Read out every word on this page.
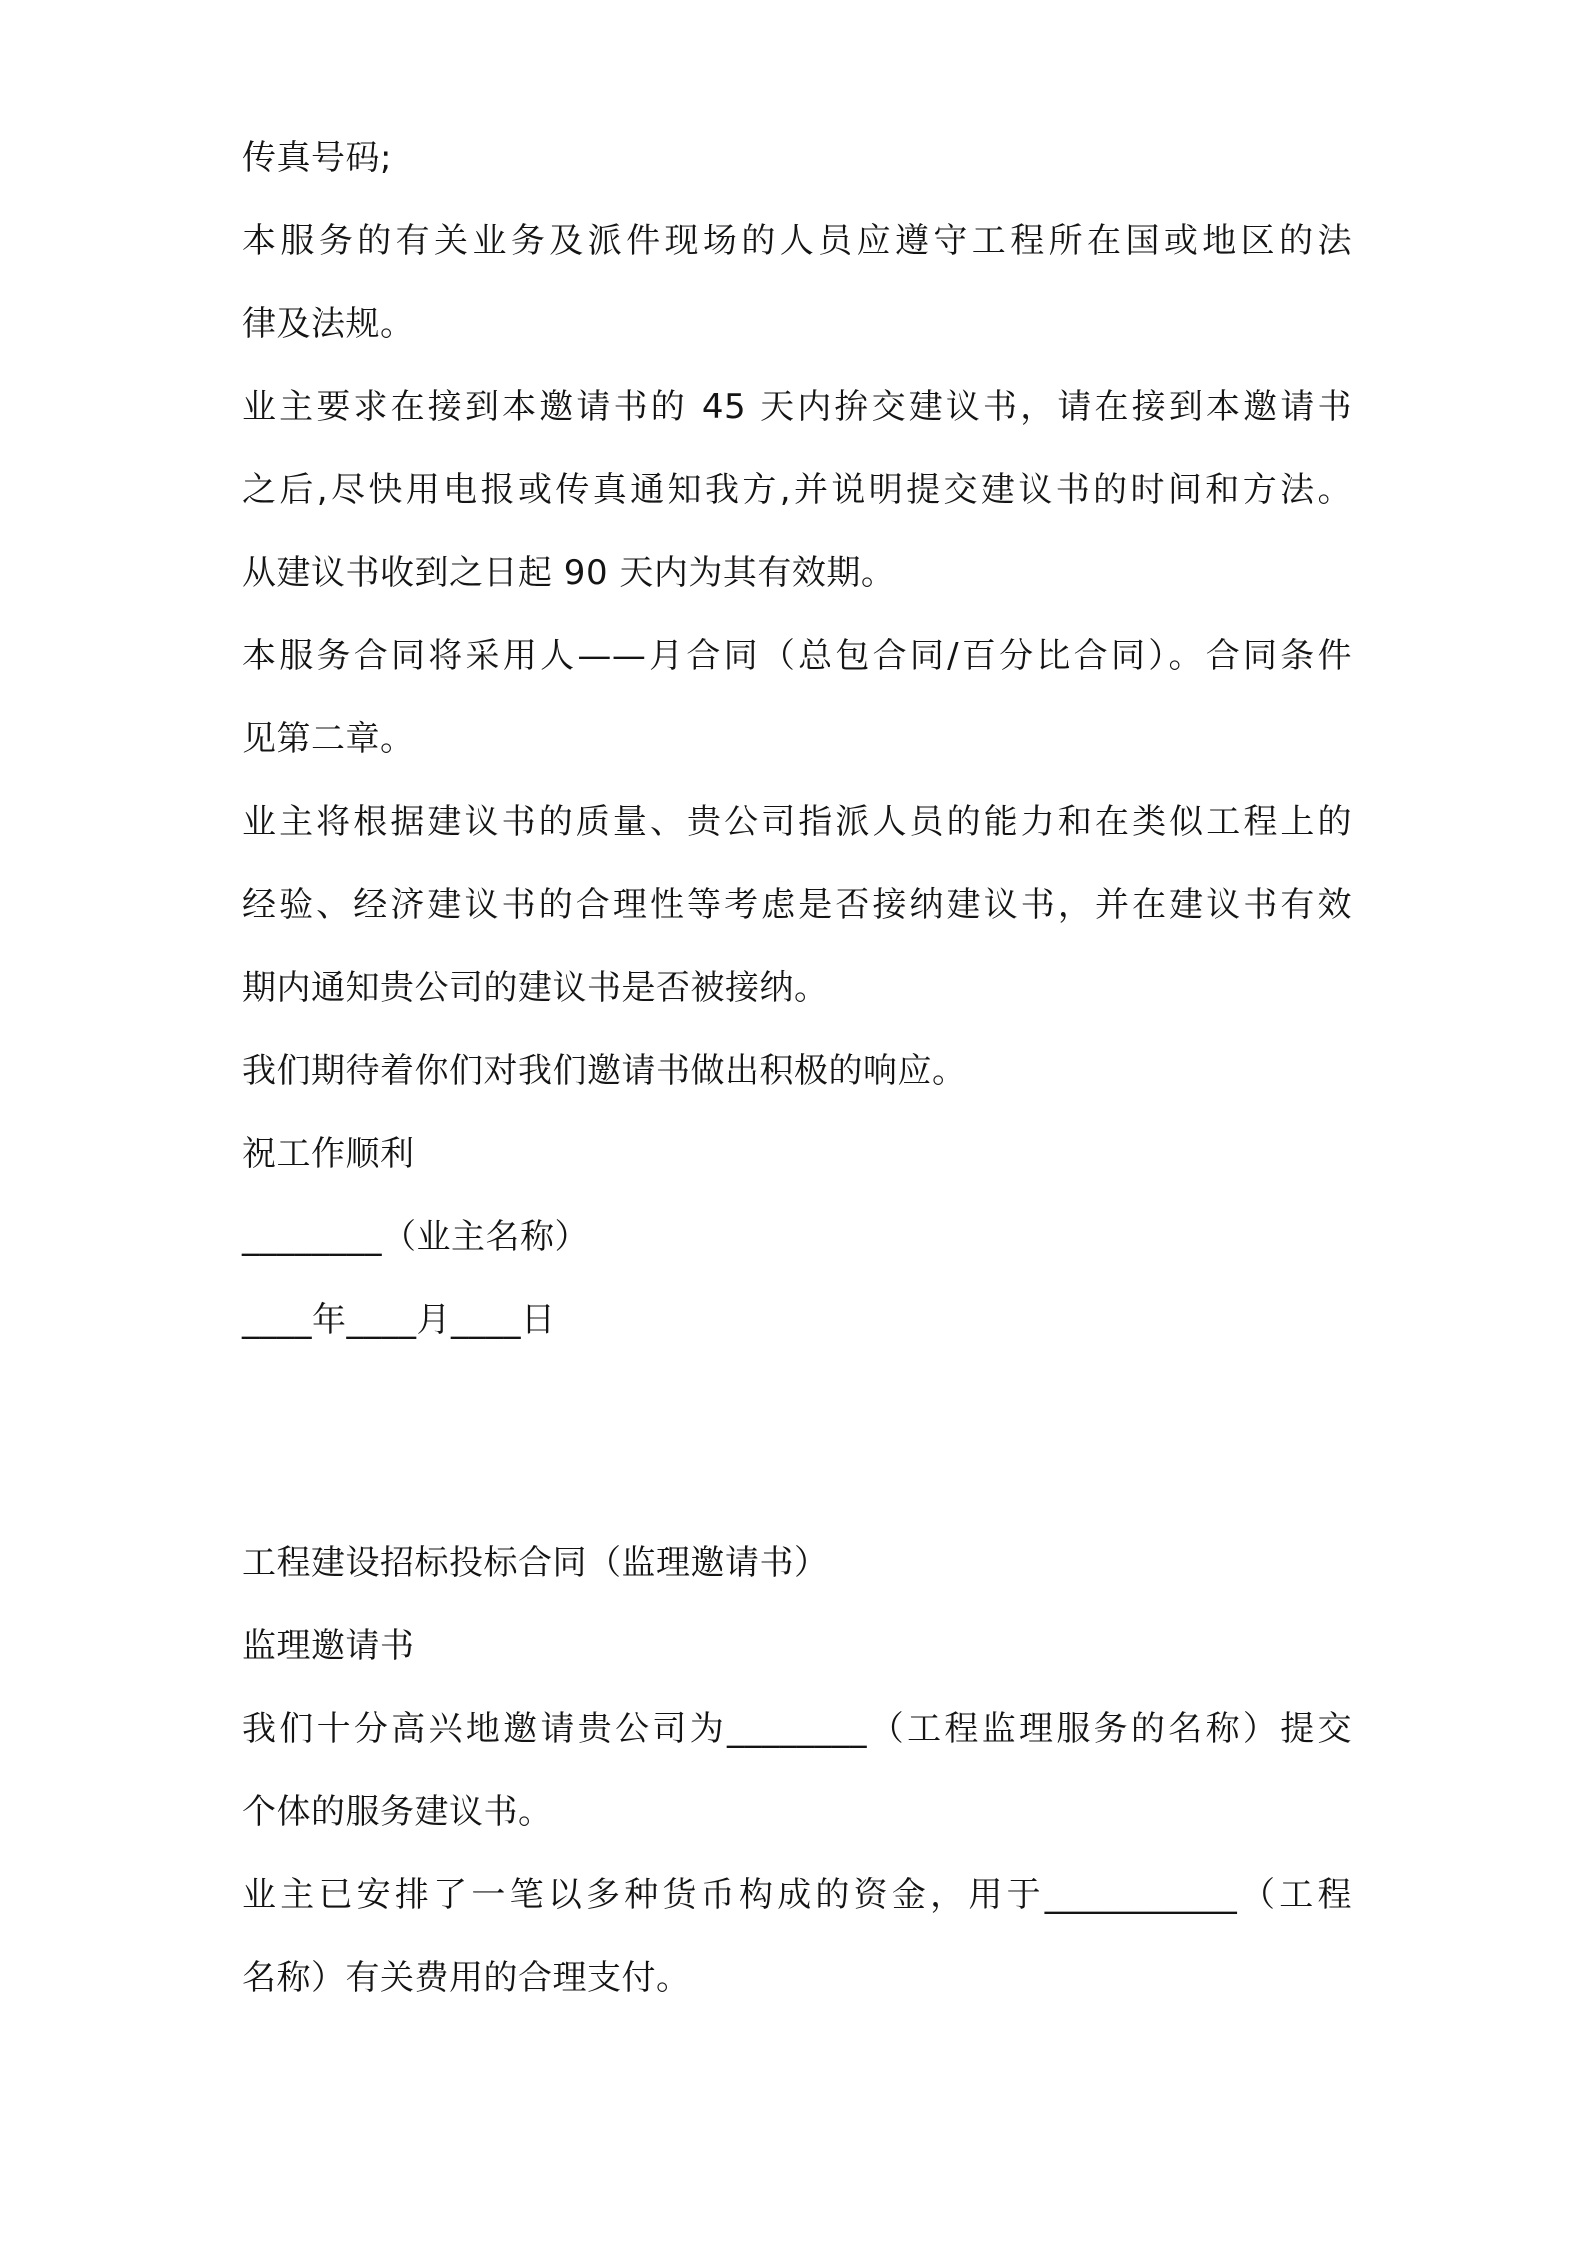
传真号码;
本服务的有关业务及派件现场的人员应遵守工程所在国或地区的法
律及法规。
业主要求在接到本邀请书的 45 天内拚交建议书，请在接到本邀请书
之后,尽快用电报或传真通知我方,并说明提交建议书的时间和方法。
从建议书收到之日起 90 天内为其有效期。
本服务合同将采用人——月合同（总包合同/百分比合同）。合同条件
见第二章。
业主将根据建议书的质量、贵公司指派人员的能力和在类似工程上的
经验、经济建议书的合理性等考虑是否接纳建议书，并在建议书有效
期内通知贵公司的建议书是否被接纳。
我们期待着你们对我们邀请书做出积极的响应。
祝工作顺利
________（业主名称）
____年____月____日
工程建设招标投标合同（监理邀请书）
监理邀请书
我们十分高兴地邀请贵公司为________（工程监理服务的名称）提交
个体的服务建议书。
业主已安排了一笔以多种货币构成的资金，用于___________（工程
名称）有关费用的合理支付。
